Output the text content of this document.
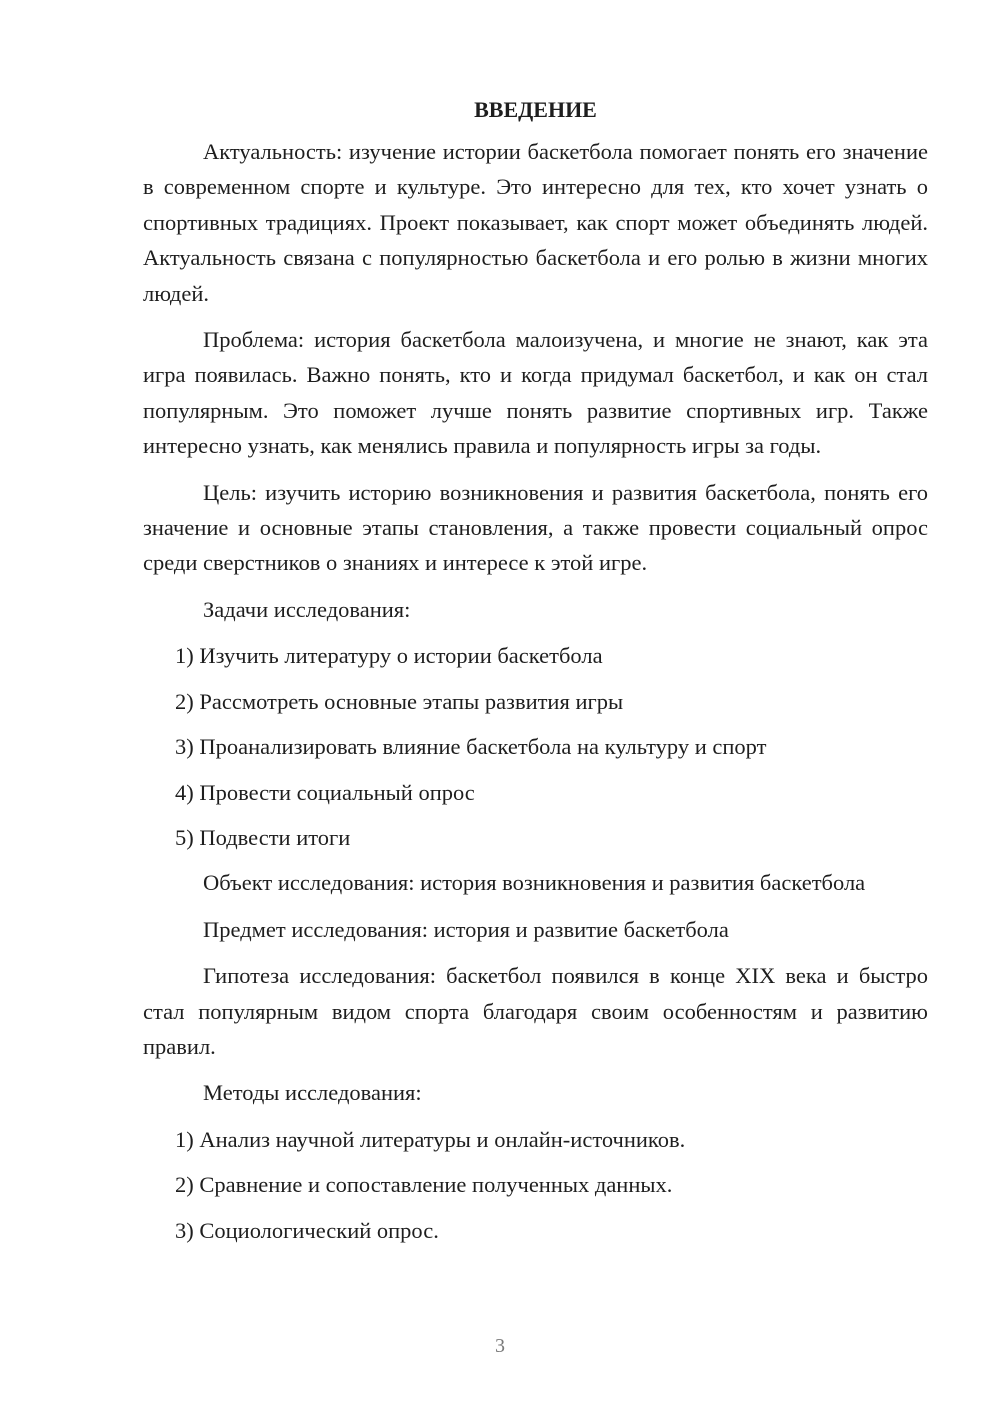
ВВЕДЕНИЕ

Актуальность: изучение истории баскетбола помогает понять его значение в современном спорте и культуре. Это интересно для тех, кто хочет узнать о спортивных традициях. Проект показывает, как спорт может объединять людей. Актуальность связана с популярностью баскетбола и его ролью в жизни многих людей.

Проблема: история баскетбола малоизучена, и многие не знают, как эта игра появилась. Важно понять, кто и когда придумал баскетбол, и как он стал популярным. Это поможет лучше понять развитие спортивных игр. Также интересно узнать, как менялись правила и популярность игры за годы.

Цель: изучить историю возникновения и развития баскетбола, понять его значение и основные этапы становления, а также провести социальный опрос среди сверстников о знаниях и интересе к этой игре.

Задачи исследования:

1) Изучить литературу о истории баскетбола
2) Рассмотреть основные этапы развития игры
3) Проанализировать влияние баскетбола на культуру и спорт
4) Провести социальный опрос
5) Подвести итоги

Объект исследования: история возникновения и развития баскетбола

Предмет исследования: история и развитие баскетбола

Гипотеза исследования: баскетбол появился в конце XIX века и быстро стал популярным видом спорта благодаря своим особенностям и развитию правил.

Методы исследования:

1) Анализ научной литературы и онлайн-источников.
2) Сравнение и сопоставление полученных данных.
3) Социологический опрос.
3
